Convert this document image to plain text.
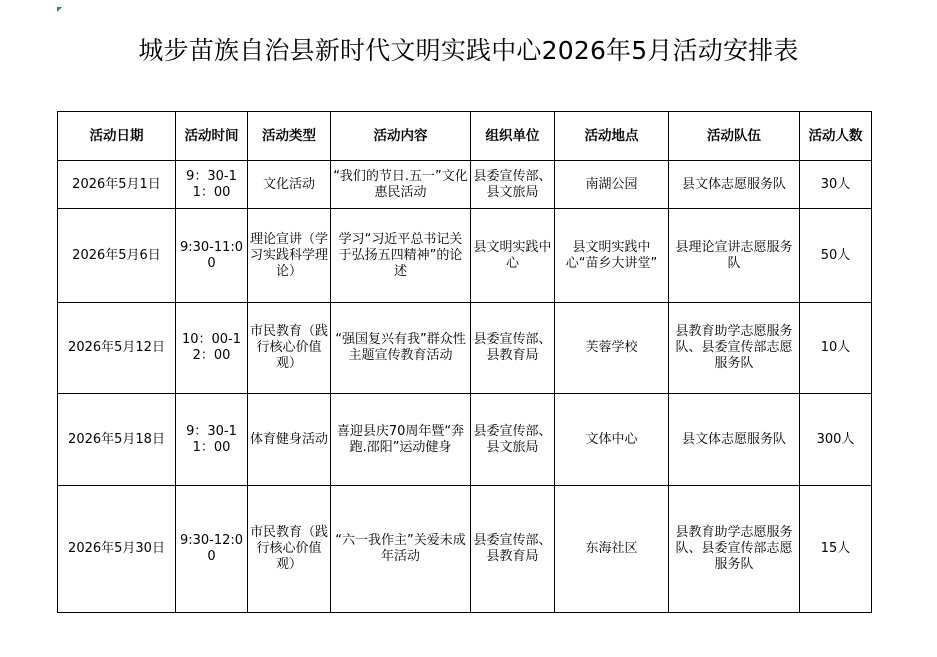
城步苗族自治县新时代文明实践中心2026年5月活动安排表
活动日期	活动时间	活动类型	活动内容	组织单位	活动地点	活动队伍	活动人数
2026年5月1日	9：30-11：00	文化活动	“我们的节日.五一”文化惠民活动	县委宣传部、县文旅局	南湖公园	县文体志愿服务队	30人
2026年5月6日	9:30-11:00	理论宣讲（学习实践科学理论）	学习“习近平总书记关于弘扬五四精神”的论述	县文明实践中心	县文明实践中心“苗乡大讲堂”	县理论宣讲志愿服务队	50人
2026年5月12日	10：00-12：00	市民教育（践行核心价值观）	“强国复兴有我”群众性主题宣传教育活动	县委宣传部、县教育局	芙蓉学校	县教育助学志愿服务队、县委宣传部志愿服务队	10人
2026年5月18日	9：30-11：00	体育健身活动	喜迎县庆70周年暨“奔跑.邵阳”运动健身	县委宣传部、县文旅局	文体中心	县文体志愿服务队	300人
2026年5月30日	9:30-12:00	市民教育（践行核心价值观）	“六一我作主”关爱未成年活动	县委宣传部、县教育局	东海社区	县教育助学志愿服务队、县委宣传部志愿服务队	15人
